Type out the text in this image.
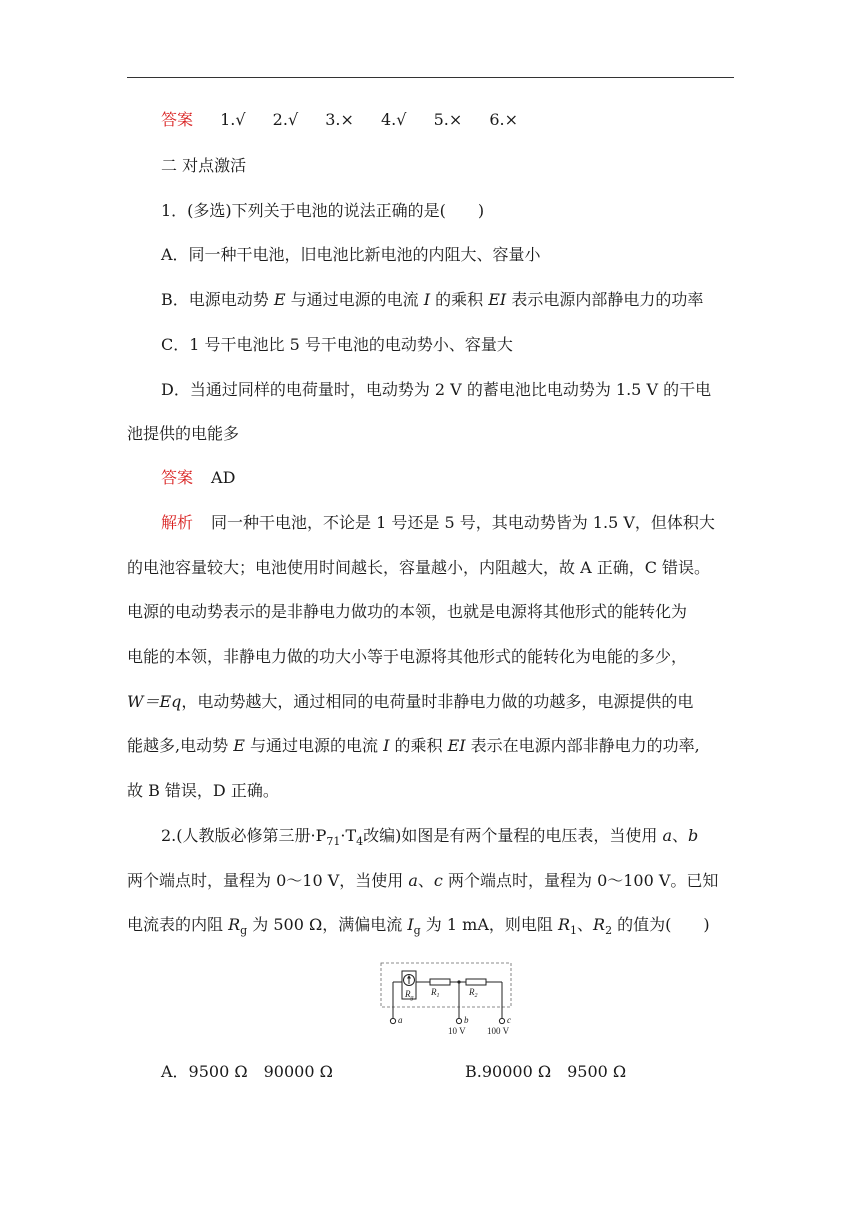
答案 1.√ 2.√ 3.× 4.√ 5.× 6.×
二 对点激活
1．(多选)下列关于电池的说法正确的是(　　)
A．同一种干电池，旧电池比新电池的内阻大、容量小
B．电源电动势 E 与通过电源的电流 I 的乘积 EI 表示电源内部静电力的功率
C．1 号干电池比 5 号干电池的电动势小、容量大
D．当通过同样的电荷量时，电动势为 2 V 的蓄电池比电动势为 1.5 V 的干电
池提供的电能多
答案 AD
解析 同一种干电池，不论是 1 号还是 5 号，其电动势皆为 1.5 V，但体积大
的电池容量较大；电池使用时间越长，容量越小，内阻越大，故 A 正确，C 错误。
电源的电动势表示的是非静电力做功的本领，也就是电源将其他形式的能转化为
电能的本领，非静电力做的功大小等于电源将其他形式的能转化为电能的多少，
W＝Eq，电动势越大，通过相同的电荷量时非静电力做的功越多，电源提供的电
能越多,电动势 E 与通过电源的电流 I 的乘积 EI 表示在电源内部非静电力的功率,
故 B 错误，D 正确。
2.(人教版必修第三册$\cdot P_{71}\cdot T_4$改编)如图是有两个量程的电压表，当使用 a、b
两个端点时，量程为 0～10 V，当使用 a、c 两个端点时，量程为 0～100 V。已知
电流表的内阻 $R_g$ 为 500 Ω，满偏电流 $I_g$ 为 1 mA，则电阻 $R_1$、$R_2$ 的值为(　　)
$R_g$
$R_1$	$R_2$
a	b	c
10 V 100 V
A．9500 Ω　90000 Ω	B.90000 Ω　9500 Ω
